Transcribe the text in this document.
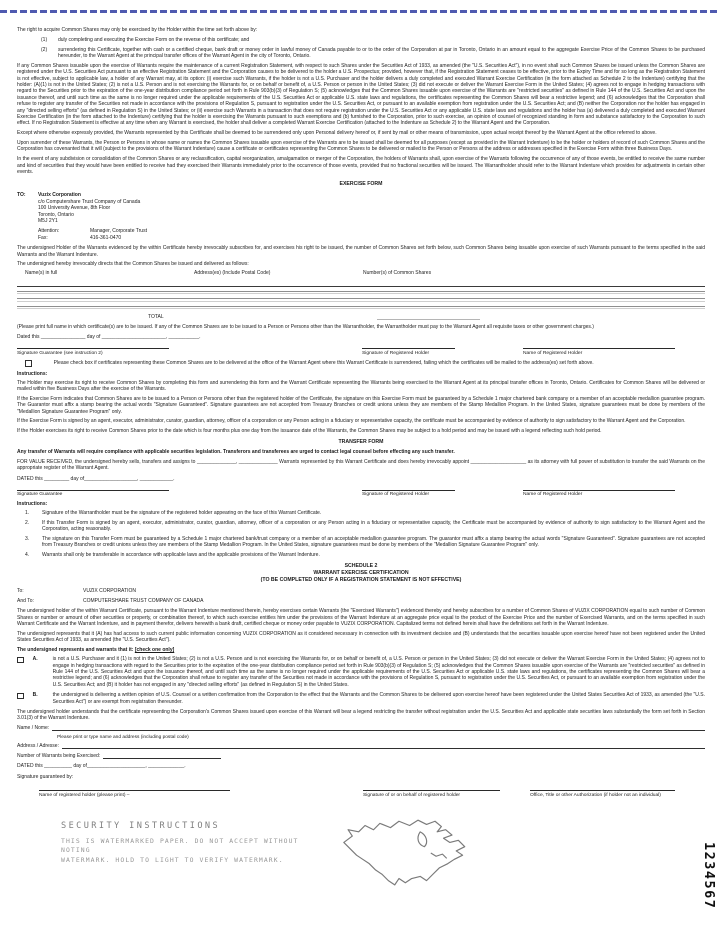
The right to acquire Common Shares may only be exercised by the Holder within the time set forth above by:
(1)	duly completing and executing the Exercise Form on the reverse of this certificate; and
(2)	surrendering this Certificate, together with cash or a certified cheque, bank draft or money order in lawful money of Canada payable to or to the order of the Corporation at par in Toronto, Ontario in an amount equal to the aggregate Exercise Price of the Common Shares to be purchased hereunder, to the Warrant Agent at the principal transfer offices of the Warrant Agent in the city of Toronto, Ontario.
If any Common Shares issuable upon the exercise of Warrants require the maintenance of a current Registration Statement, with respect to such Shares under the Securities Act of 1933, as amended (the "U.S. Securities Act"), in no event shall such Common Shares be issued unless the Common Shares are registered under the U.S. Securities Act pursuant to an effective Registration Statement and the Corporation causes to be delivered to the holder a U.S. Prospectus; provided, however that, if the Registration Statement ceases to be effective, prior to the Expiry Time and for so long as the Registration Statement is not effective, subject to applicable law, a holder of any Warrant may, at its option: (i) exercise such Warrants, if the holder is not a U.S. Purchaser and the holder delivers a duly completed and executed Warrant Exercise Certification (in the form attached as Schedule 2 to the Indenture) certifying that the holder: (A)(1) is not in the United States; (2) is not a U.S. Person and is not exercising the Warrants for, or on behalf or benefit of, a U.S. Person or person in the United States; (3) did not execute or deliver the Warrant Exercise Form in the United States; (4) agrees not to engage in hedging transactions with regard to the Securities prior to the expiration of the one-year distribution compliance period set forth in Rule 903(b)(3) of Regulation S; (5) acknowledges that the Common Shares issuable upon exercise of the Warrants are "restricted securities" as defined in Rule 144 of the U.S. Securities Act and upon the issuance thereof, and until such time as the same is no longer required under the applicable requirements of the U.S. Securities Act or applicable U.S. state laws and regulations, the certificates representing the Common Shares will bear a restrictive legend; and (6) acknowledges that the Corporation shall refuse to register any transfer of the Securities not made in accordance with the provisions of Regulation S, pursuant to registration under the U.S. Securities Act, or pursuant to an available exemption from registration under the U.S. Securities Act; and (B) neither the Corporation nor the holder has engaged in any "directed selling efforts" (as defined in Regulation S) in the United States; or (ii) exercise such Warrants in a transaction that does not require registration under the U.S. Securities Act or any applicable U.S. state laws and regulations and the holder has (a) delivered a duly completed and executed Warrant Exercise Certification (in the form attached to the Indenture) certifying that the holder is exercising the Warrants pursuant to such exemptions and (b) furnished to the Corporation, prior to such exercise, an opinion of counsel of recognized standing in form and substance satisfactory to the Corporation to such effect. If no Registration Statement is effective at any time when any Warrant is exercised, the holder shall deliver a completed Warrant Exercise Certification (attached to the Indenture as Schedule 2) to the Warrant Agent and the Corporation.
Except where otherwise expressly provided, the Warrants represented by this Certificate shall be deemed to be surrendered only upon Personal delivery hereof or, if sent by mail or other means of transmission, upon actual receipt thereof by the Warrant Agent at the office referred to above.
Upon surrender of these Warrants, the Person or Persons in whose name or names the Common Shares issuable upon exercise of the Warrants are to be issued shall be deemed for all purposes (except as provided in the Warrant Indenture) to be the holder or holders of record of such Common Shares and the Corporation has covenanted that it will (subject to the provisions of the Warrant Indenture) cause a certificate or certificates representing the Common Shares to be delivered or mailed to the Person or Persons at the address or addresses specified in the Exercise Form within three Business Days.
In the event of any subdivision or consolidation of the Common Shares or any reclassification, capital reorganization, amalgamation or merger of the Corporation, the holders of Warrants shall, upon exercise of the Warrants following the occurrence of any of those events, be entitled to receive the same number and kind of securities that they would have been entitled to receive had they exercised their Warrants immediately prior to the occurrence of those events, provided that no fractional securities will be issued. The Warrantholder should refer to the Warrant Indenture which provides for adjustments in certain other events.
EXERCISE FORM
TO:	Vuzix Corporation
c/o Computershare Trust Company of Canada
100 University Avenue, 8th Floor
Toronto, Ontario
M5J 2Y1
Attention:	Manager, Corporate Trust
Fax:	416-361-0470
The undersigned Holder of the Warrants evidenced by the within Certificate hereby irrevocably subscribes for, and exercises his right to be issued, the number of Common Shares set forth below, such Common Shares being issuable upon exercise of such Warrants pursuant to the terms specified in the said Warrants and the Warrant Indenture.
The undersigned hereby irrevocably directs that the Common Shares be issued and delivered as follows:
Name(s) in full	Address(es) (Include Postal Code)	Number(s) of Common Shares
TOTAL
(Please print full name in which certificate(s) are to be issued. If any of the Common Shares are to be issued to a Person or Persons other than the Warrantholder, the Warrantholder must pay to the Warrant Agent all requisite taxes or other government charges.)
Dated this ________________ day of _______________________, ___________.
Signature Guarantee (see instruction 2)	Signature of Registered Holder	Name of Registered Holder
Please check box if certificates representing these Common Shares are to be delivered at the office of the Warrant Agent where this Warrant Certificate is surrendered, failing which the certificates will be mailed to the address(es) set forth above.
Instructions:
The Holder may exercise its right to receive Common Shares by completing this form and surrendering this form and the Warrant Certificate representing the Warrants being exercised to the Warrant Agent at its principal transfer offices in Toronto, Ontario. Certificates for Common Shares will be delivered or mailed within five Business Days after the exercise of the Warrants.
If the Exercise Form indicates that Common Shares are to be issued to a Person or Persons other than the registered holder of the Certificate, the signature on this Exercise Form must be guaranteed by a Schedule 1 major chartered bank company or a member of an acceptable medallion guarantee program. The Guarantor must affix a stamp bearing the actual words "Signature Guaranteed". Signature guarantees are not accepted from Treasury Branches or credit unions unless they are members of the Stamp Medallion Program. In the United States, signature guarantees must be done by members of the "Medallion Signature Guarantee Program" only.
If the Exercise Form is signed by an agent, executor, administrator, curator, guardian, attorney, officer of a corporation or any Person acting in a fiduciary or representative capacity, the certificate must be accompanied by evidence of authority to sign satisfactory to the Warrant Agent and the Corporation.
If the Holder exercises its right to receive Common Shares prior to the date which is four months plus one day from the issuance date of the Warrants, the Common Shares may be subject to a hold period and may be issued with a legend reflecting such hold period.
TRANSFER FORM
Any transfer of Warrants will require compliance with applicable securities legislation. Transferors and transferees are urged to contact legal counsel before effecting any such transfer.
FOR VALUE RECEIVED, the undersigned hereby sells, transfers and assigns to ______________, ______________ Warrants represented by this Warrant Certificate and does hereby irrevocably appoint ____________________ as its attorney with full power of substitution to transfer the said Warrants on the appropriate register of the Warrant Agent.
DATED this _________ day of___________________, ____________.
Signature Guarantee	Signature of Registered Holder	Name of Registered Holder
Instructions:
1.	Signature of the Warrantholder must be the signature of the registered holder appearing on the face of this Warrant Certificate.
2.	If this Transfer Form is signed by an agent, executor, administrator, curator, guardian, attorney, officer of a corporation or any Person acting in a fiduciary or representative capacity, the Certificate must be accompanied by evidence of authority to sign satisfactory to the Warrant Agent and the Corporation, acting reasonably.
3.	The signature on this Transfer Form must be guaranteed by a Schedule 1 major chartered bank/trust company or a member of an acceptable medallion guarantee program. The guarantor must affix a stamp bearing the actual words "Signature Guaranteed". Signature guarantees are not accepted from Treasury Branches or credit unions unless they are members of the Stamp Medallion Program. In the United States, signature guarantees must be done by members of the "Medallion Signature Guarantee Program" only.
4.	Warrants shall only be transferable in accordance with applicable laws and the applicable provisions of the Warrant Indenture.
SCHEDULE 2
WARRANT EXERCISE CERTIFICATION
(TO BE COMPLETED ONLY IF A REGISTRATION STATEMENT IS NOT EFFECTIVE)
To:	VUZIX CORPORATION
And To:	COMPUTERSHARE TRUST COMPANY OF CANADA
The undersigned holder of the within Warrant Certificate, pursuant to the Warrant Indenture mentioned therein, hereby exercises certain Warrants (the "Exercised Warrants") evidenced thereby and hereby subscribes for a number of Common Shares of VUZIX CORPORATION equal to such number of Common Shares or number or amount of other securities or property, or combination thereof, to which such exercise entitles him under the provisions of the Warrant Indenture at an aggregate price equal to the product of the Exercise Price and the number of Exercised Warrants, and on the terms specified in such Warrant Certificate and the Warrant Indenture, and in payment therefor, delivers herewith a bank draft, certified cheque or money order payable to VUZIX CORPORATION. Capitalized terms not defined herein shall have the definitions set forth in the Warrant Indenture.
The undersigned represents that it (A) has had access to such current public information concerning VUZIX CORPORATION as it considered necessary in connection with its investment decision and (B) understands that the securities issuable upon exercise hereof have not been registered under the United States Securities Act of 1933, as amended (the "U.S. Securities Act").
The undersigned represents and warrants that it: [check one only]
A.	is not a U.S. Purchaser and it (1) is not in the United States; (2) is not a U.S. Person and is not exercising the Warrants for, or on behalf or benefit of, a U.S. Person or person in the United States; (3) did not execute or deliver the Warrant Exercise Form in the United States; (4) agrees not to engage in hedging transactions with regard to the Securities prior to the expiration of the one-year distribution compliance period set forth in Rule 903(b)(3) of Regulation S; (5) acknowledges that the Common Shares issuable upon exercise of the Warrants are "restricted securities" as defined in Rule 144 of the U.S. Securities Act and upon the issuance thereof, and until such time as the same is no longer required under the applicable requirements of the U.S. Securities Act or applicable U.S. state laws and regulations, the certificates representing the Common Shares will bear a restrictive legend; and (6) acknowledges that the Corporation shall refuse to register any transfer of the Securities not made in accordance with the provisions of Regulation S, pursuant to registration under the U.S. Securities Act, or pursuant to an available exemption from registration under the U.S. Securities Act; and (B) it holder has not engaged in any "directed selling efforts" (as defined in Regulation S) in the United States.
B.	the undersigned is delivering a written opinion of U.S. Counsel or a written confirmation from the Corporation to the effect that the Warrants and the Common Shares to be delivered upon exercise hereof have been registered under the United States Securities Act of 1933, as amended (the "U.S. Securities Act") or are exempt from registration thereunder.
The undersigned holder understands that the certificate representing the Corporation's Common Shares issued upon exercise of this Warrant will bear a legend restricting the transfer without registration under the U.S. Securities Act and applicable state securities laws substantially the form set forth in Section 3.01(3) of the Warrant Indenture.
Name / Nome:
Please print or type name and address (including postal code)
Address / Adresse:
Number of Warrants being Exercised:
DATED this __________ day of_____________________, _____________.
Signature guaranteed by:
Name of registered holder (please print) –	Signature of or on behalf of registered holder	Office, Title or other Authorization (if holder not an individual)
SECURITY INSTRUCTIONS
THIS IS WATERMARKED PAPER. DO NOT ACCEPT WITHOUT NOTING
WATERMARK. HOLD TO LIGHT TO VERIFY WATERMARK.	1234567
